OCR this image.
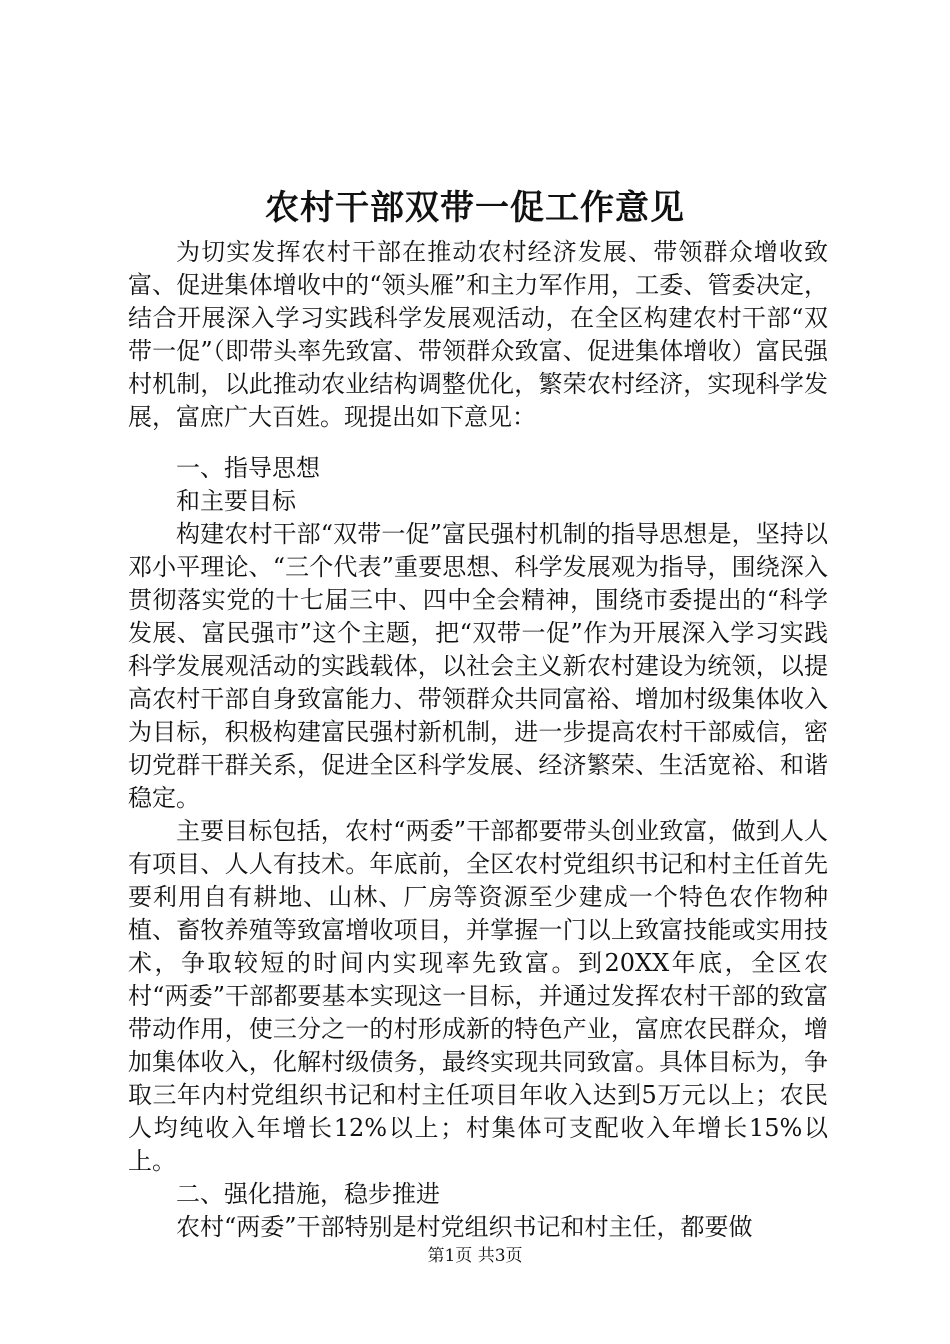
农村干部双带一促工作意见

为切实发挥农村干部在推动农村经济发展、带领群众增收致富、促进集体增收中的“领头雁”和主力军作用，工委、管委决定，结合开展深入学习实践科学发展观活动，在全区构建农村干部“双带一促”（即带头率先致富、带领群众致富、促进集体增收）富民强村机制，以此推动农业结构调整优化，繁荣农村经济，实现科学发展，富庶广大百姓。现提出如下意见：

一、指导思想

和主要目标

构建农村干部“双带一促”富民强村机制的指导思想是，坚持以邓小平理论、“三个代表”重要思想、科学发展观为指导，围绕深入贯彻落实党的十七届三中、四中全会精神，围绕市委提出的“科学发展、富民强市”这个主题，把“双带一促”作为开展深入学习实践科学发展观活动的实践载体，以社会主义新农村建设为统领，以提高农村干部自身致富能力、带领群众共同富裕、增加村级集体收入为目标，积极构建富民强村新机制，进一步提高农村干部威信，密切党群干群关系，促进全区科学发展、经济繁荣、生活宽裕、和谐稳定。

主要目标包括，农村“两委”干部都要带头创业致富，做到人人有项目、人人有技术。年底前，全区农村党组织书记和村主任首先要利用自有耕地、山林、厂房等资源至少建成一个特色农作物种植、畜牧养殖等致富增收项目，并掌握一门以上致富技能或实用技术，争取较短的时间内实现率先致富。到20XX年底，全区农村“两委”干部都要基本实现这一目标，并通过发挥农村干部的致富带动作用，使三分之一的村形成新的特色产业，富庶农民群众，增加集体收入，化解村级债务，最终实现共同致富。具体目标为，争取三年内村党组织书记和村主任项目年收入达到5万元以上；农民人均纯收入年增长12%以上；村集体可支配收入年增长15%以上。

二、强化措施，稳步推进

农村“两委”干部特别是村党组织书记和村主任，都要做

第1页 共3页
